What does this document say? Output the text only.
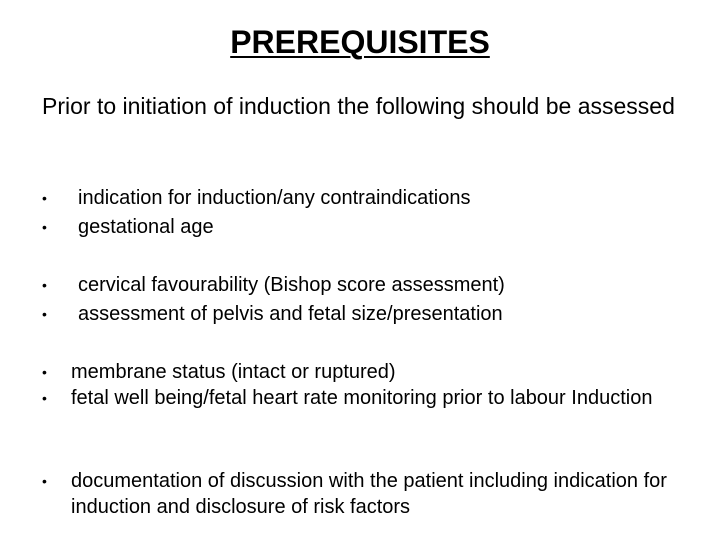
PREREQUISITES
Prior to initiation of induction the following should be assessed
• indication for induction/any contraindications
• gestational age
• cervical favourability (Bishop score assessment)
• assessment of pelvis and fetal size/presentation
• membrane status (intact or ruptured)
• fetal well being/fetal heart rate monitoring prior to labour Induction
• documentation of discussion with the patient including indication for induction and disclosure of risk factors
